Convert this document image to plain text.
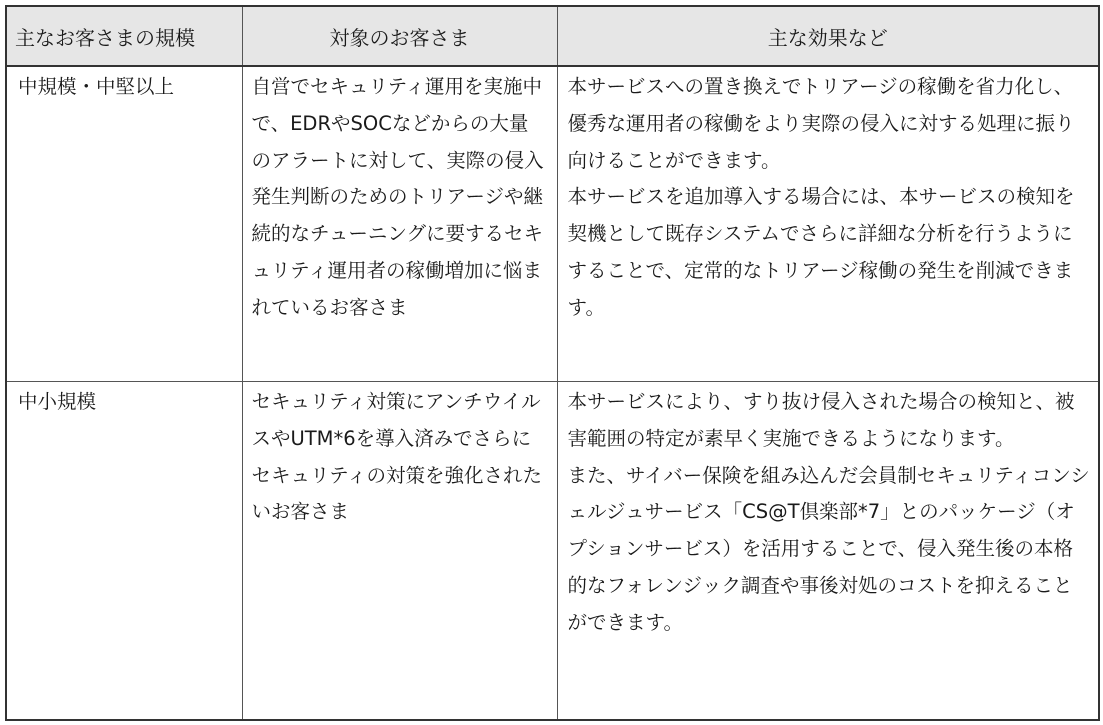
主なお客さまの規模	対象のお客さま	主な効果など
中規模・中堅以上	自営でセキュリティ運用を実施中で、EDRやSOCなどからの大量のアラートに対して、実際の侵入発生判断のためのトリアージや継続的なチューニングに要するセキュリティ運用者の稼働増加に悩まれているお客さま	本サービスへの置き換えでトリアージの稼働を省力化し、優秀な運用者の稼働をより実際の侵入に対する処理に振り向けることができます。
本サービスを追加導入する場合には、本サービスの検知を契機として既存システムでさらに詳細な分析を行うようにすることで、定常的なトリアージ稼働の発生を削減できます。

中小規模	セキュリティ対策にアンチウイルスやUTM*6を導入済みでさらにセキュリティの対策を強化されたいお客さま	本サービスにより、すり抜け侵入された場合の検知と、被害範囲の特定が素早く実施できるようになります。
また、サイバー保険を組み込んだ会員制セキュリティコンシェルジュサービス「CS@T倶楽部*7」とのパッケージ（オプションサービス）を活用することで、侵入発生後の本格的なフォレンジック調査や事後対処のコストを抑えることができます。
